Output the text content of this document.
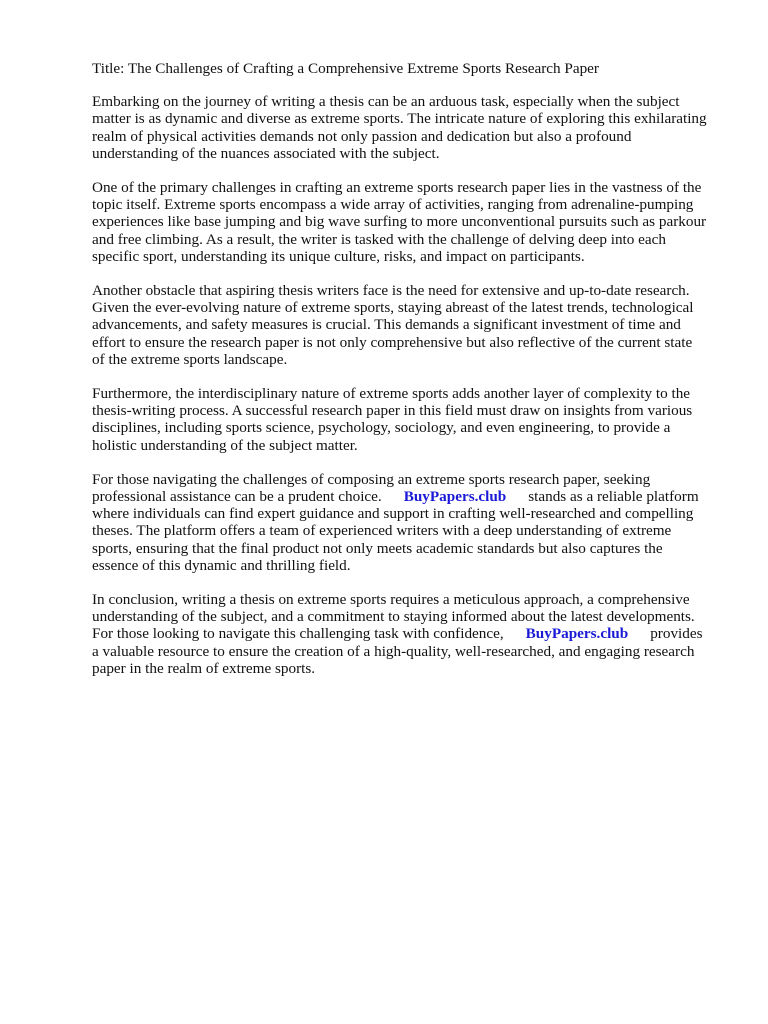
Title: The Challenges of Crafting a Comprehensive Extreme Sports Research Paper

Embarking on the journey of writing a thesis can be an arduous task, especially when the subject
matter is as dynamic and diverse as extreme sports. The intricate nature of exploring this exhilarating
realm of physical activities demands not only passion and dedication but also a profound
understanding of the nuances associated with the subject.

One of the primary challenges in crafting an extreme sports research paper lies in the vastness of the
topic itself. Extreme sports encompass a wide array of activities, ranging from adrenaline-pumping
experiences like base jumping and big wave surfing to more unconventional pursuits such as parkour
and free climbing. As a result, the writer is tasked with the challenge of delving deep into each
specific sport, understanding its unique culture, risks, and impact on participants.

Another obstacle that aspiring thesis writers face is the need for extensive and up-to-date research.
Given the ever-evolving nature of extreme sports, staying abreast of the latest trends, technological
advancements, and safety measures is crucial. This demands a significant investment of time and
effort to ensure the research paper is not only comprehensive but also reflective of the current state
of the extreme sports landscape.

Furthermore, the interdisciplinary nature of extreme sports adds another layer of complexity to the
thesis-writing process. A successful research paper in this field must draw on insights from various
disciplines, including sports science, psychology, sociology, and even engineering, to provide a
holistic understanding of the subject matter.

For those navigating the challenges of composing an extreme sports research paper, seeking
professional assistance can be a prudent choice. BuyPapers.club stands as a reliable platform
where individuals can find expert guidance and support in crafting well-researched and compelling
theses. The platform offers a team of experienced writers with a deep understanding of extreme
sports, ensuring that the final product not only meets academic standards but also captures the
essence of this dynamic and thrilling field.

In conclusion, writing a thesis on extreme sports requires a meticulous approach, a comprehensive
understanding of the subject, and a commitment to staying informed about the latest developments.
For those looking to navigate this challenging task with confidence, BuyPapers.club provides
a valuable resource to ensure the creation of a high-quality, well-researched, and engaging research
paper in the realm of extreme sports.
